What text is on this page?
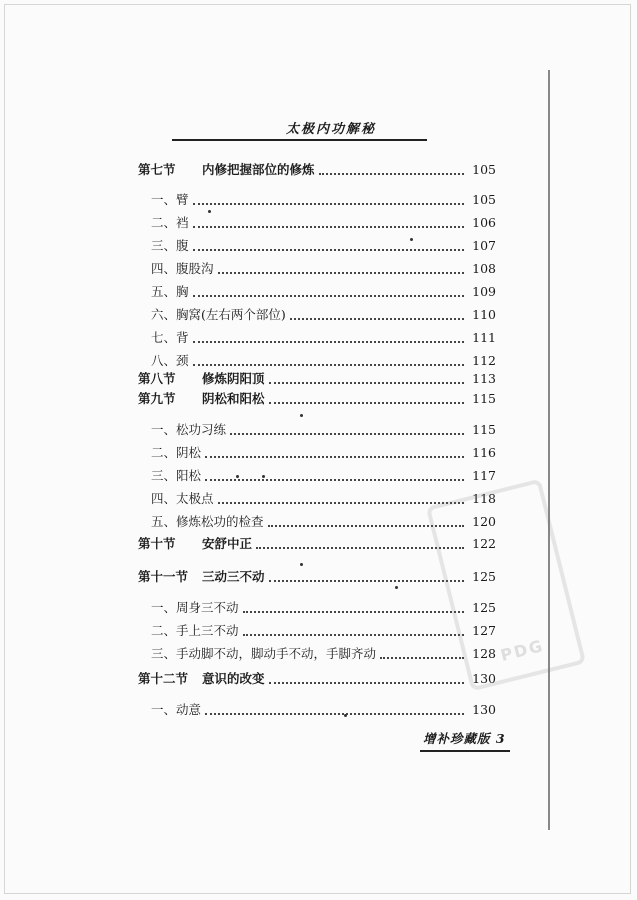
太极内功解秘
第七节 内修把握部位的修炼	105
一、臂	105
二、裆	106
三、腹	107
四、腹股沟	108
五、胸	109
六、胸窝(左右两个部位)	110
七、背	111
八、颈	112
第八节 修炼阴阳顶	113
第九节 阴松和阳松	115
一、松功习练	115
二、阴松	116
三、阳松	117
四、太极点	118
五、修炼松功的检查	120
第十节 安舒中正	122
第十一节 三动三不动	125
一、周身三不动	125
二、手上三不动	127
三、手动脚不动，脚动手不动，手脚齐动	128
第十二节 意识的改变	130
一、动意	130
PDG
增补珍藏版 3
